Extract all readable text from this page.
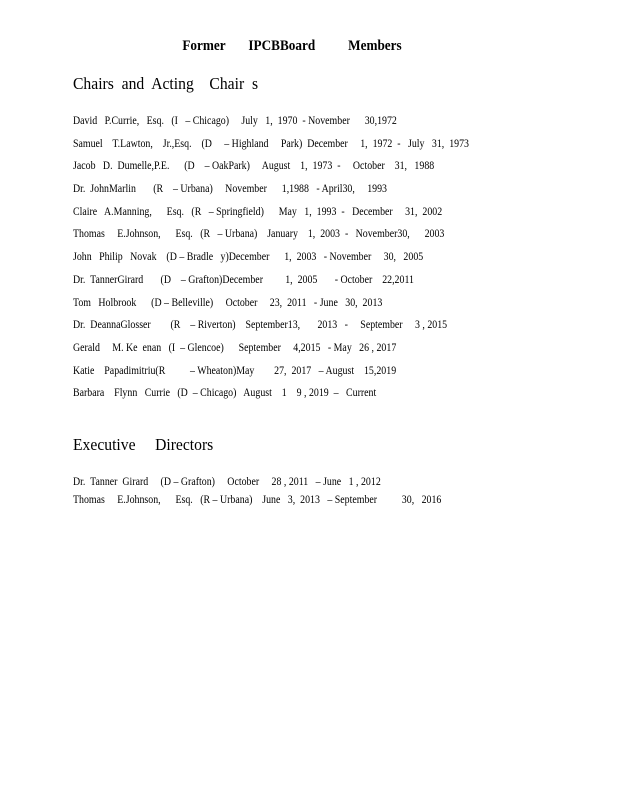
Former       IPCBBoard          Members
Chairs  and  Acting    Chair  s
David   P.Currie,   Esq.   (I   – Chicago)     July   1,  1970  - November      30,1972
Samuel    T.Lawton,    Jr.,Esq.    (D     – Highland     Park)  December     1,  1972  -   July   31,  1973
Jacob   D.  Dumelle,P.E.      (D    – OakPark)     August    1,  1973  -     October    31,   1988
Dr.  JohnMarlin       (R    – Urbana)     November      1,1988   - April30,     1993
Claire   A.Manning,      Esq.   (R   – Springfield)      May   1,  1993  -   December     31,  2002
Thomas     E.Johnson,      Esq.   (R   – Urbana)    January    1,  2003  -   November30,      2003
John   Philip   Novak    (D – Bradle   y)December      1,  2003   - November     30,   2005
Dr.  TannerGirard       (D    – Grafton)December         1,  2005       - October    22,2011
Tom   Holbrook      (D – Belleville)     October     23,  2011   - June   30,  2013
Dr.  DeannaGlosser        (R    – Riverton)    September13,       2013   -     September     3 , 2015
Gerald     M. Ke  enan   (I  – Glencoe)      September     4,2015   - May   26 , 2017
Katie    Papadimitriu(R          – Wheaton)May        27,  2017   – August    15,2019
Barbara    Flynn   Currie   (D  – Chicago)   August    1    9 , 2019  –   Current
Executive     Directors
Dr.  Tanner  Girard     (D – Grafton)     October     28 , 2011   – June   1 , 2012
Thomas     E.Johnson,      Esq.   (R – Urbana)    June   3,  2013   – September          30,   2016
